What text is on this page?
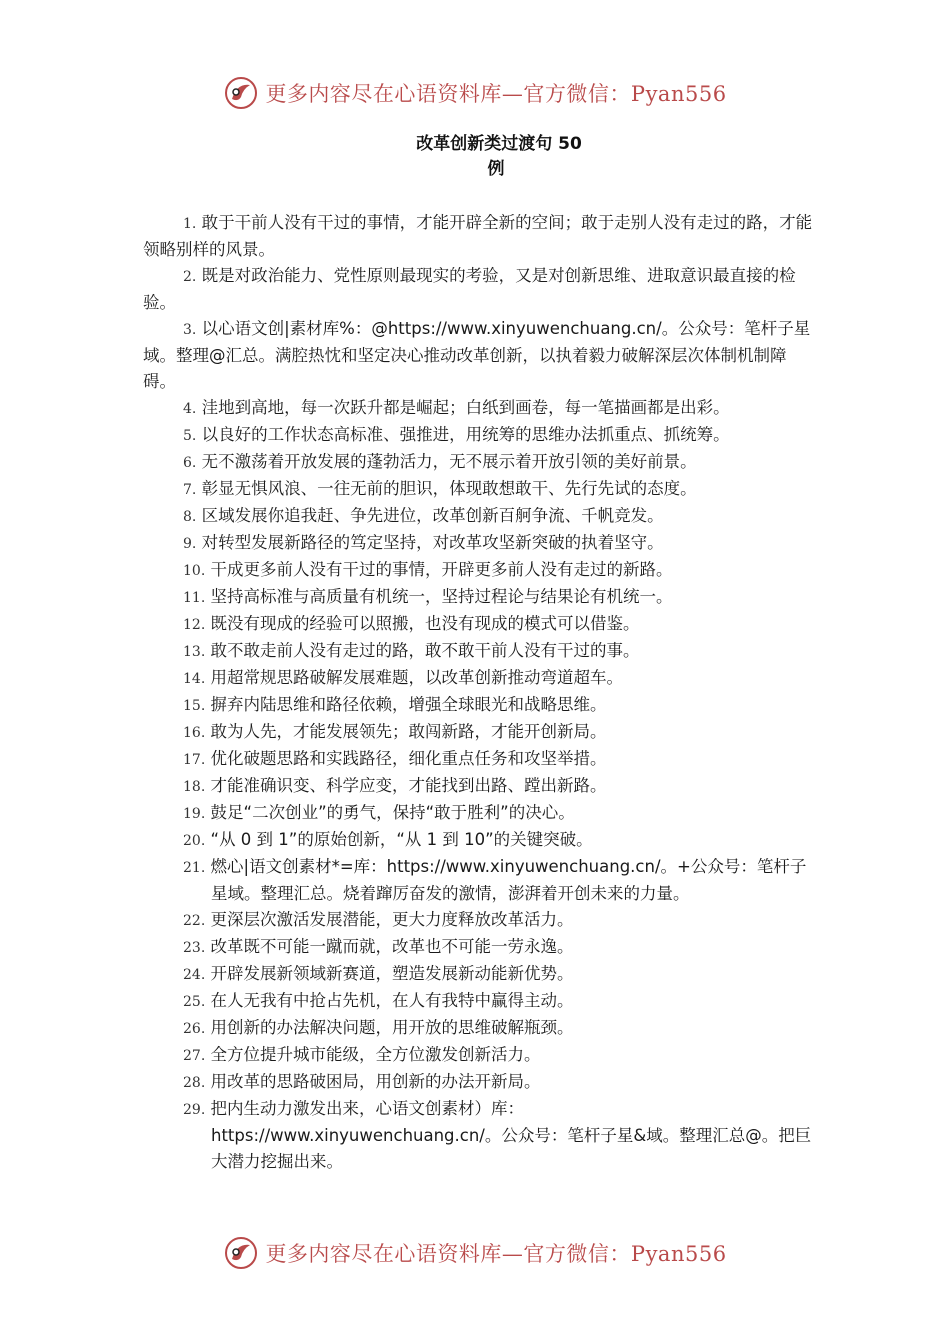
更多内容尽在心语资料库—官方微信：Pyan556
改革创新类过渡句 50
例

1. 敢于干前人没有干过的事情，才能开辟全新的空间；敢于走别人没有走过的路，才能领略别样的风景。

2. 既是对政治能力、党性原则最现实的考验，又是对创新思维、进取意识最直接的检验。

3. 以心语文创|素材库%：@https://www.xinyuwenchuang.cn/。公众号：笔杆子星域。整理@汇总。满腔热忱和坚定决心推动改革创新，以执着毅力破解深层次体制机制障碍。

4. 洼地到高地，每一次跃升都是崛起；白纸到画卷，每一笔描画都是出彩。

5. 以良好的工作状态高标准、强推进，用统筹的思维办法抓重点、抓统筹。

6. 无不激荡着开放发展的蓬勃活力，无不展示着开放引领的美好前景。

7. 彰显无惧风浪、一往无前的胆识，体现敢想敢干、先行先试的态度。

8. 区域发展你追我赶、争先进位，改革创新百舸争流、千帆竞发。

9. 对转型发展新路径的笃定坚持，对改革攻坚新突破的执着坚守。

10. 干成更多前人没有干过的事情，开辟更多前人没有走过的新路。

11. 坚持高标准与高质量有机统一，坚持过程论与结果论有机统一。

12. 既没有现成的经验可以照搬，也没有现成的模式可以借鉴。

13. 敢不敢走前人没有走过的路，敢不敢干前人没有干过的事。

14. 用超常规思路破解发展难题，以改革创新推动弯道超车。

15. 摒弃内陆思维和路径依赖，增强全球眼光和战略思维。

16. 敢为人先，才能发展领先；敢闯新路，才能开创新局。

17. 优化破题思路和实践路径，细化重点任务和攻坚举措。

18. 才能准确识变、科学应变，才能找到出路、蹚出新路。

19. 鼓足“二次创业”的勇气，保持“敢于胜利”的决心。

20. “从 0 到 1”的原始创新，“从 1 到 10”的关键突破。

21. 燃心|语文创素材*=库：https://www.xinyuwenchuang.cn/。+公众号：笔杆子星域。整理汇总。烧着蹿厉奋发的激情，澎湃着开创未来的力量。

22. 更深层次激活发展潜能，更大力度释放改革活力。

23. 改革既不可能一蹴而就，改革也不可能一劳永逸。

24. 开辟发展新领域新赛道，塑造发展新动能新优势。

25. 在人无我有中抢占先机，在人有我特中赢得主动。

26. 用创新的办法解决问题，用开放的思维破解瓶颈。

27. 全方位提升城市能级，全方位激发创新活力。

28. 用改革的思路破困局，用创新的办法开新局。

29. 把内生动力激发出来，心语文创素材）库：https://www.xinyuwenchuang.cn/。公众号：笔杆子星&域。整理汇总@。把巨大潜力挖掘出来。

更多内容尽在心语资料库—官方微信：Pyan556
